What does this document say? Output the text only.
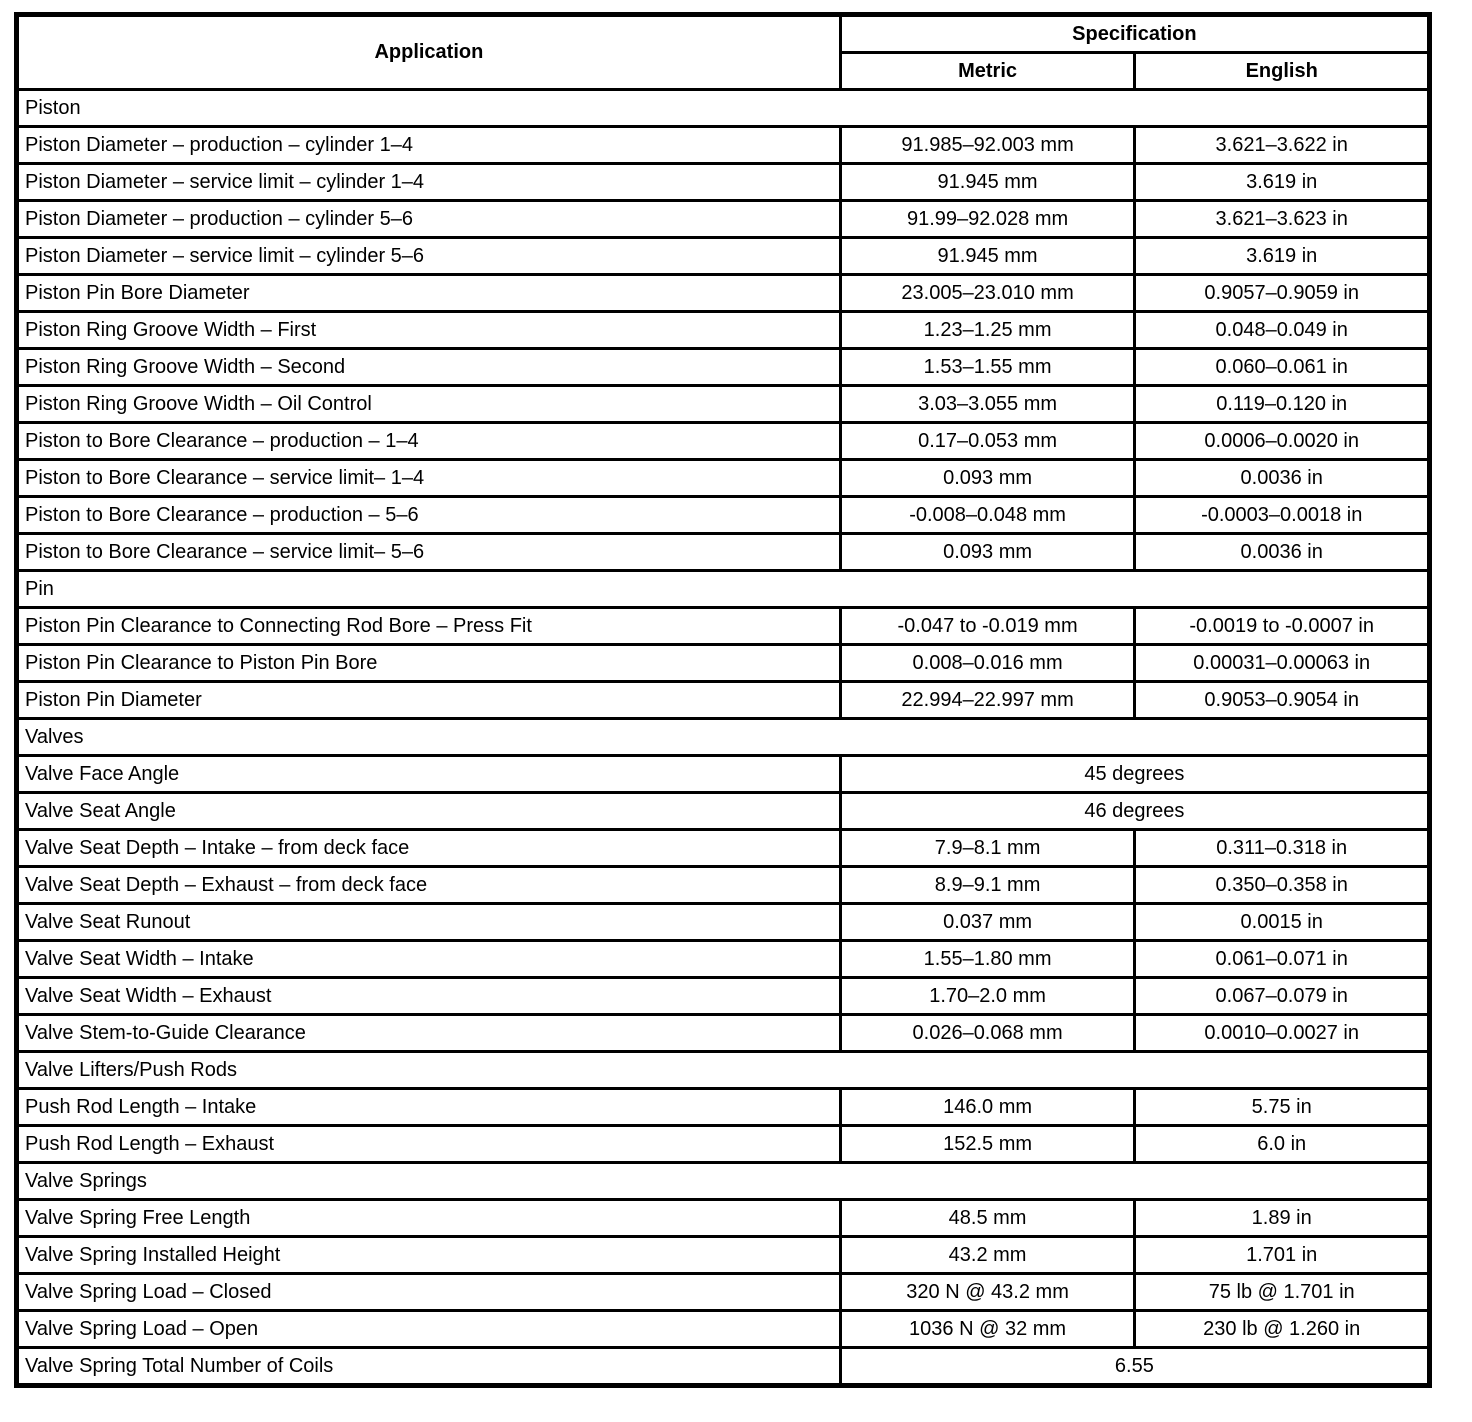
Application	Specification	
	Metric	English
Piston		
Piston Diameter – production – cylinder 1–4	91.985–92.003 mm	3.621–3.622 in
Piston Diameter – service limit – cylinder 1–4	91.945 mm	3.619 in
Piston Diameter – production – cylinder 5–6	91.99–92.028 mm	3.621–3.623 in
Piston Diameter – service limit – cylinder 5–6	91.945 mm	3.619 in
Piston Pin Bore Diameter	23.005–23.010 mm	0.9057–0.9059 in
Piston Ring Groove Width – First	1.23–1.25 mm	0.048–0.049 in
Piston Ring Groove Width – Second	1.53–1.55 mm	0.060–0.061 in
Piston Ring Groove Width – Oil Control	3.03–3.055 mm	0.119–0.120 in
Piston to Bore Clearance – production – 1–4	0.17–0.053 mm	0.0006–0.0020 in
Piston to Bore Clearance – service limit– 1–4	0.093 mm	0.0036 in
Piston to Bore Clearance – production – 5–6	-0.008–0.048 mm	-0.0003–0.0018 in
Piston to Bore Clearance – service limit– 5–6	0.093 mm	0.0036 in
Pin		
Piston Pin Clearance to Connecting Rod Bore – Press Fit	-0.047 to -0.019 mm	-0.0019 to -0.0007 in
Piston Pin Clearance to Piston Pin Bore	0.008–0.016 mm	0.00031–0.00063 in
Piston Pin Diameter	22.994–22.997 mm	0.9053–0.9054 in
Valves		
Valve Face Angle	45 degrees	
Valve Seat Angle	46 degrees	
Valve Seat Depth – Intake – from deck face	7.9–8.1 mm	0.311–0.318 in
Valve Seat Depth – Exhaust – from deck face	8.9–9.1 mm	0.350–0.358 in
Valve Seat Runout	0.037 mm	0.0015 in
Valve Seat Width – Intake	1.55–1.80 mm	0.061–0.071 in
Valve Seat Width – Exhaust	1.70–2.0 mm	0.067–0.079 in
Valve Stem-to-Guide Clearance	0.026–0.068 mm	0.0010–0.0027 in
Valve Lifters/Push Rods		
Push Rod Length – Intake	146.0 mm	5.75 in
Push Rod Length – Exhaust	152.5 mm	6.0 in
Valve Springs		
Valve Spring Free Length	48.5 mm	1.89 in
Valve Spring Installed Height	43.2 mm	1.701 in
Valve Spring Load – Closed	320 N @ 43.2 mm	75 lb @ 1.701 in
Valve Spring Load – Open	1036 N @ 32 mm	230 lb @ 1.260 in
Valve Spring Total Number of Coils	6.55	
